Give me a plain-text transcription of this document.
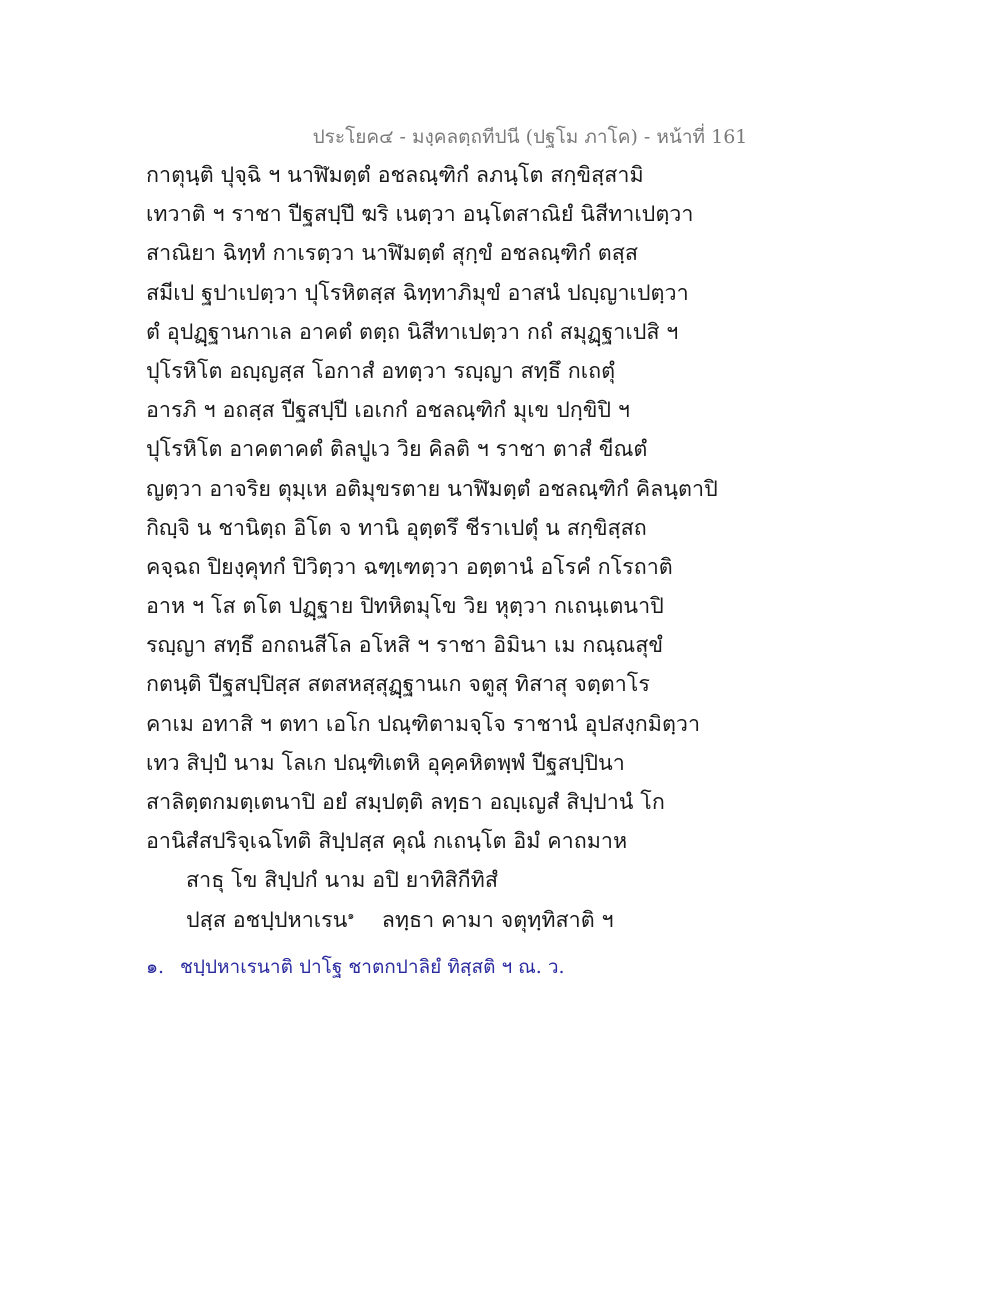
ประโยค๔ - มงฺคลตฺถทีปนี (ปฐโม ภาโค) - หน้าที่ 161
กาตุนฺติ ปุจฺฉิ ฯ นาฬิมตฺตํ อชลณฺฑิกํ ลภนฺโต สกฺขิสฺสามิ
เทวาติ ฯ ราชา ปีฐสปฺปึ ฆริ เนตฺวา อนฺโตสาณิยํ นิสีทาเปตฺวา
สาณิยา ฉิทฺทํ กาเรตฺวา นาฬิมตฺตํ สุกฺขํ อชลณฺฑิกํ ตสฺส
สมีเป ฐปาเปตฺวา ปุโรหิตสฺส ฉิทฺทาภิมุขํ อาสนํ ปญฺญาเปตฺวา
ตํ อุปฏฺฐานกาเล อาคตํ ตตฺถ นิสีทาเปตฺวา กถํ สมุฏฺฐาเปสิ ฯ
ปุโรหิโต อญฺญสฺส โอกาสํ อทตฺวา รญฺญา สทฺธึ กเถตุํ
อารภิ ฯ อถสฺส ปีฐสปฺปี เอเกกํ อชลณฺฑิกํ มุเข ปกฺขิปิ ฯ
ปุโรหิโต อาคตาคตํ ติลปูเว วิย คิลติ ฯ ราชา ตาสํ ขีณตํ
ญตฺวา อาจริย ตุมฺเห อติมุขรตาย นาฬิมตฺตํ อชลณฺฑิกํ คิลนฺตาปิ
กิญฺจิ น ชานิตฺถ อิโต จ ทานิ อุตฺตรึ ชีราเปตุํ น สกฺขิสฺสถ
คจฺฉถ ปิยงฺคุทกํ ปิวิตฺวา ฉฑฺเฑตฺวา อตฺตานํ อโรคํ กโรถาติ
อาห ฯ โส ตโต ปฏฺฐาย ปิทหิตมุโข วิย หุตฺวา กเถนฺเตนาปิ
รญฺญา สทฺธึ อกถนสีโล อโหสิ ฯ ราชา อิมินา เม กณฺณสุขํ
กตนฺติ ปีฐสปฺปิสฺส สตสหสฺสุฏฺฐานเก จตูสุ ทิสาสุ จตฺตาโร
คาเม อทาสิ ฯ ตทา เอโก ปณฺฑิตามจฺโจ ราชานํ อุปสงฺกมิตฺวา
เทว สิปฺปํ นาม โลเก ปณฺฑิเตหิ อุคฺคหิตพฺพํ ปีฐสปฺปินา
สาลิตฺตกมตฺเตนาปิ อยํ สมฺปตฺติ ลทฺธา อญฺเญสํ สิปฺปานํ โก
อานิสํสปริจฺเฉโทติ สิปฺปสฺส คุณํ กเถนฺโต อิมํ คาถมาห
สาธุ โข สิปฺปกํ นาม อปิ ยาทิสิกีทิสํ
ปสฺส อชปฺปหาเรน$^๑$ ลทฺธา คามา จตุทฺทิสาติ ฯ
๑. ชปฺปหาเรนาติ ปาโฐ ชาตกปาลิยํ ทิสฺสติ ฯ ณ. ว.
